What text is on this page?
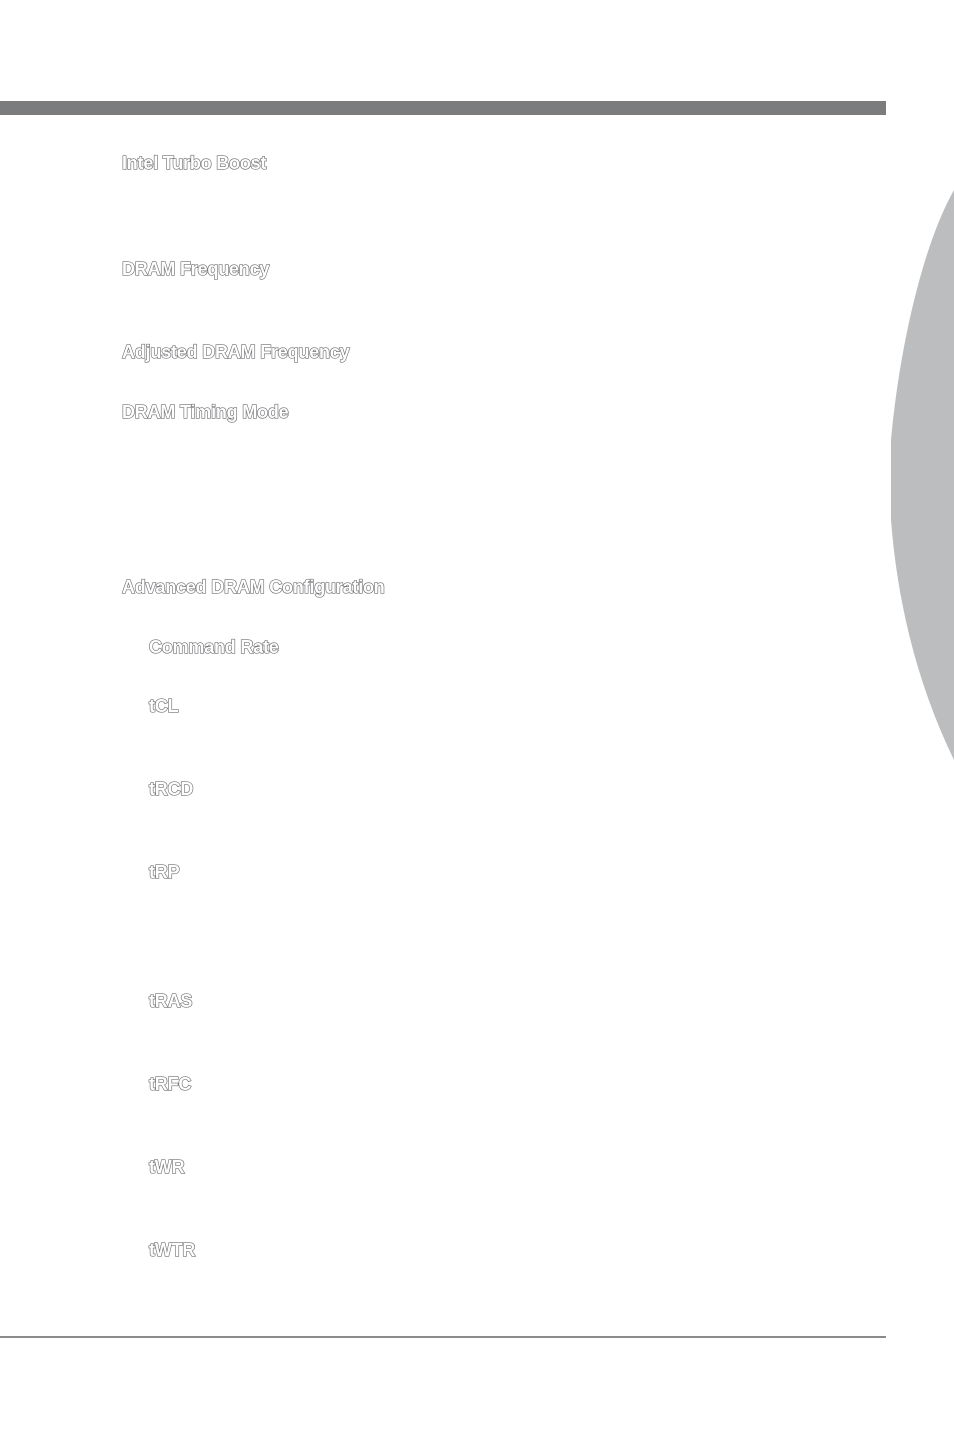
Intel Turbo Boost
DRAM Frequency
Adjusted DRAM Frequency
DRAM Timing Mode
Advanced DRAM Configuration
Command Rate
tCL
tRCD
tRP
tRAS
tRFC
tWR
tWTR
